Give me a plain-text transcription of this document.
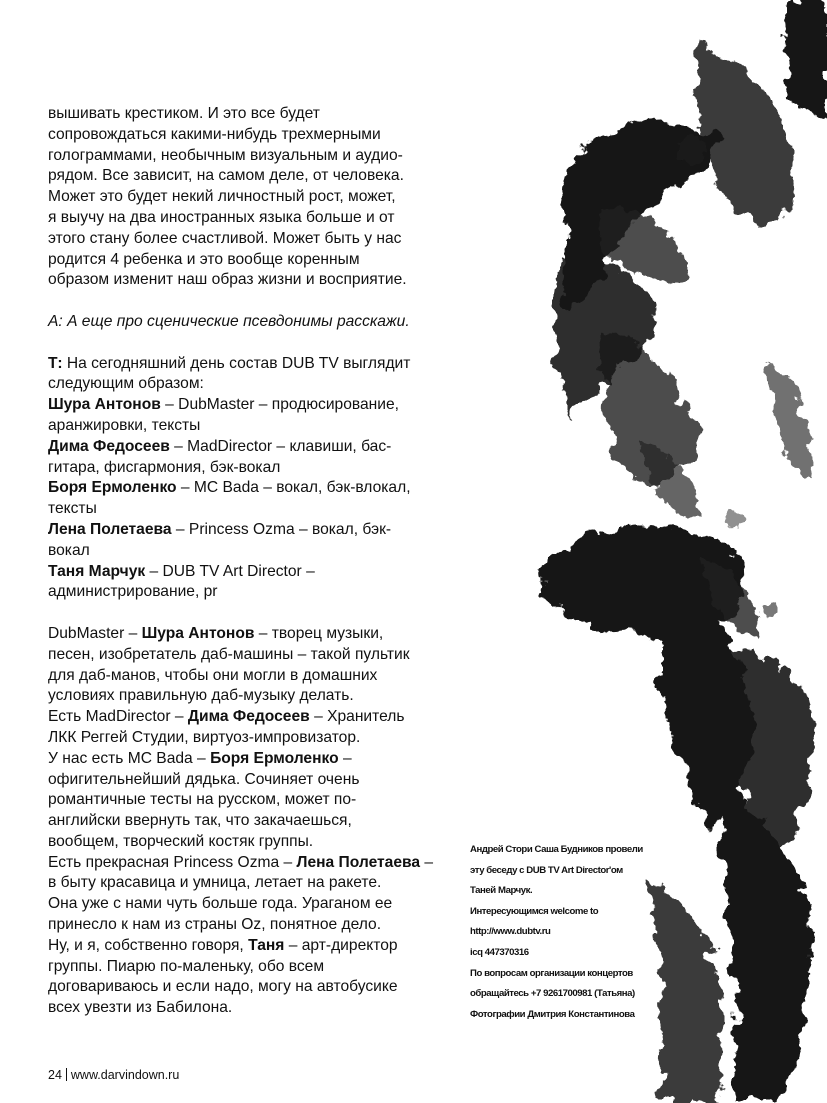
вышивать крестиком. И это все будет
сопровождаться какими-нибудь трехмерными
голограммами, необычным визуальным и аудио-
рядом. Все зависит, на самом деле, от человека.
Может это будет некий личностный рост, может,
я выучу на два иностранных языка больше и от
этого стану более счастливой. Может быть у нас
родится 4 ребенка и это вообще коренным
образом изменит наш образ жизни и восприятие.

А: А еще про сценические псевдонимы расскажи.

Т: На сегодняшний день состав DUB TV выглядит
следующим образом:
Шура Антонов – DubMaster – продюсирование,
аранжировки, тексты
Дима Федосеев – MadDirector – клавиши, бас-
гитара, фисгармония, бэк-вокал
Боря Ермоленко – MC Bada – вокал, бэк-влокал,
тексты
Лена Полетаева – Princess Ozma – вокал, бэк-
вокал
Таня Марчук – DUB TV Art Director –
администрирование, pr

DubMaster – Шура Антонов – творец музыки,
песен, изобретатель даб-машины – такой пультик
для даб-манов, чтобы они могли в домашних
условиях правильную даб-музыку делать.
Есть MadDirector – Дима Федосеев – Хранитель
ЛКК Реггей Студии, виртуоз-импровизатор.
У нас есть MC Bada – Боря Ермоленко –
офигительнейший дядька. Сочиняет очень
романтичные тесты на русском, может по-
английски ввернуть так, что закачаешься,
вообщем, творческий костяк группы.
Есть прекрасная Princess Ozma – Лена Полетаева –
в быту красавица и умница, летает на ракете.
Она уже с нами чуть больше года. Ураганом ее
принесло к нам из страны Oz, понятное дело.
Ну, и я, собственно говоря, Таня – арт-директор
группы. Пиарю по-маленьку, обо всем
договариваюсь и если надо, могу на автобусике
всех увезти из Бабилона.

Андрей Стори Саша Будников провели
эту беседу с DUB TV Art Director'ом
Таней Марчук.
Интересующимся welcome to
http://www.dubtv.ru
icq 447370316
По вопросам организации концертов
обращайтесь +7 9261700981 (Татьяна)
Фотографии Дмитрия Константинова
24 www.darvindown.ru
